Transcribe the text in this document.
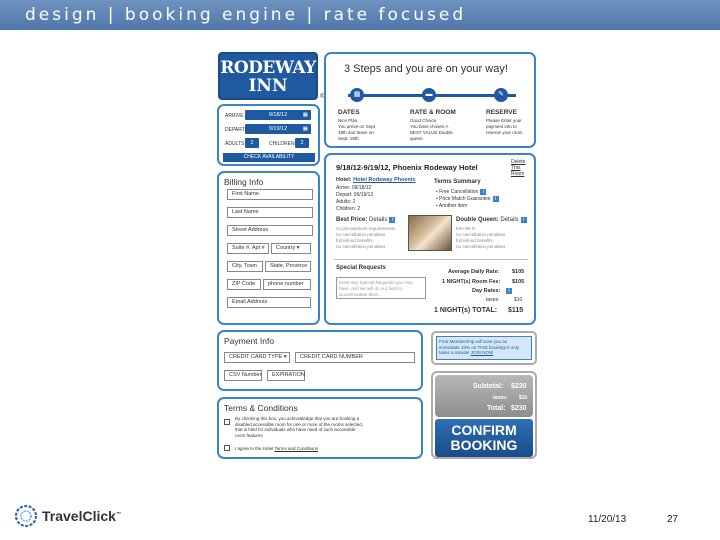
design | booking engine | rate focused
RODEWAY
INN
®
3 Steps and you are on your way!
▦	▬	✎
DATES	RATE & ROOM	RESERVE
Nice Plan.
You arrive on Sept
18th and leave on
Sept. 19th.
Good Choice.
You have chosen A
BEST VALUE Double
queen.
Please Enter your
payment info to
reserve your room.
ARRIVE	9/18/12	▦
DEPART	9/19/12	▦
ADULTS	2	CHILDREN	2
CHECK AVAILABILITY
Billing Info
First Name
Last Name
Street Address
Suite #, Apt #	Country ▾
City, Town	State, Province
ZIP Code	phone number
Email Address
9/18/12-9/19/12, Phoenix Rodeway Hotel
Delete
This
Room
Hotel: Hotel Rodeway Phoenix
Arrive: 09/18/12
Depart: 09/19/12
Adults: 2
Children: 2
Terms Summary
• Free Cancellation i
• Price Match Guarantee i
• Another item
Best Price: Details i
no pre-payment requirements
no cancellation penalties
full refund benefits
no cancellation penalties
Double Queen: Details i
free Wi-Fi
no cancellation penalties
full refund benefits
no cancellation penalties
Special Requests
Enter any Special Requests you may have, and we will do our best to accommodate them.
Average Daily Rate: $105
1 NIGHT(s) Room Fee: $105
Day Rates:	i
taxes:	$10
1 NIGHT(s) TOTAL: $115
Payment Info
CREDIT CARD TYPE ▾	CREDIT CARD NUMBER
CSV Number	EXPIRATION
Terms & Conditions
By checking this box, you acknowledge that you are booking a disabled accessible room for one or more of the rooms selected, that is held for individuals who have need of such accessible room features
I agree to the Hotel Terms and Conditions
Free Membership will save you an immediate 10% on THIS booking! it only takes a minute! JOIN NOW
Subtotal: $230
taxes: $10
Total: $230
CONFIRM
BOOKING
TravelClick™	11/20/13	27
